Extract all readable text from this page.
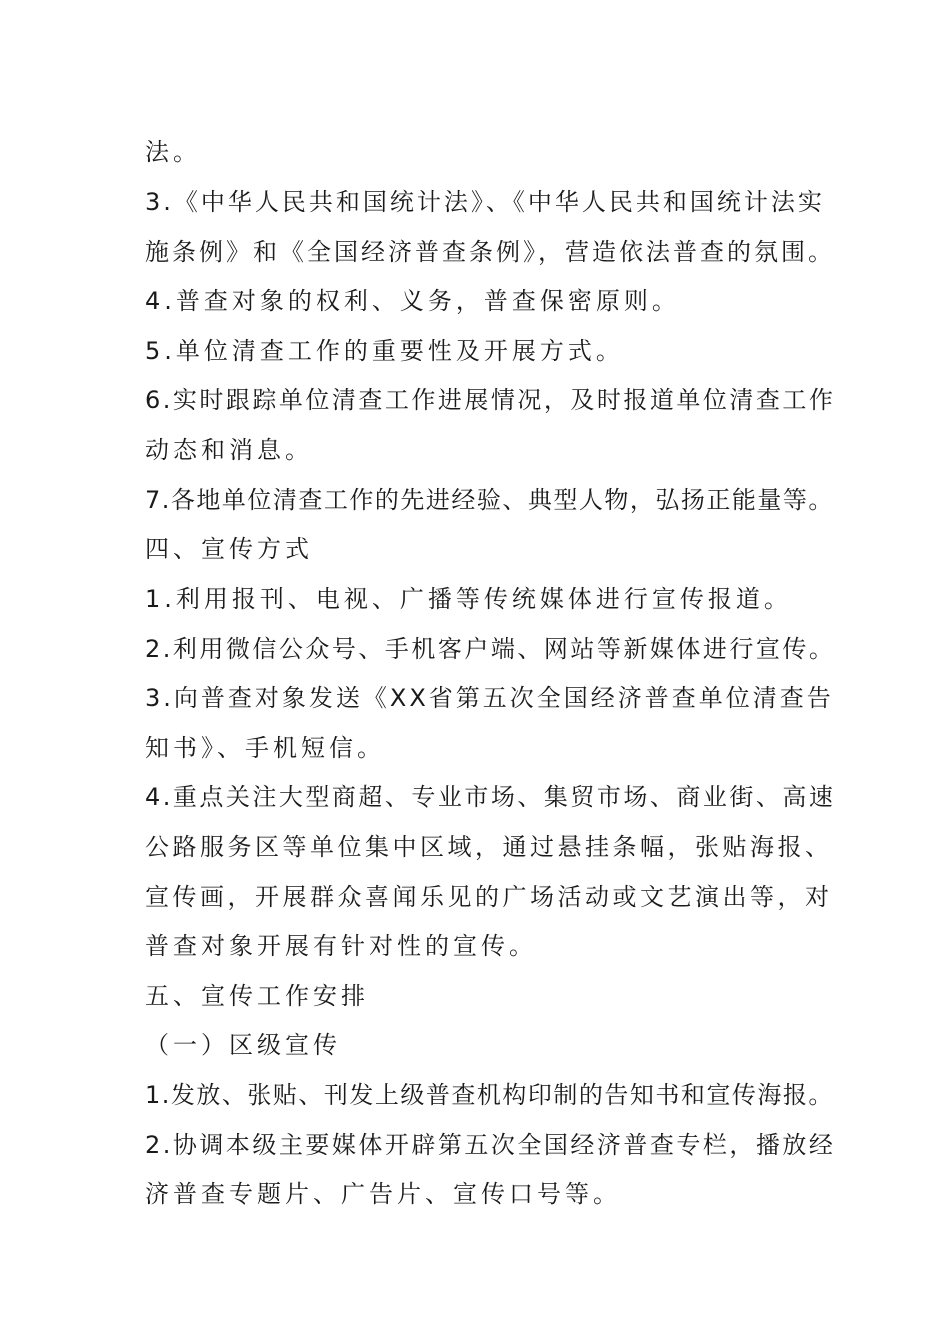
法。
3.《中华人民共和国统计法》、《中华人民共和国统计法实
施条例》和《全国经济普查条例》，营造依法普查的氛围。
4.普查对象的权利、义务，普查保密原则。
5.单位清查工作的重要性及开展方式。
6.实时跟踪单位清查工作进展情况，及时报道单位清查工作
动态和消息。
7.各地单位清查工作的先进经验、典型人物，弘扬正能量等。
四、宣传方式
1.利用报刊、电视、广播等传统媒体进行宣传报道。
2.利用微信公众号、手机客户端、网站等新媒体进行宣传。
3.向普查对象发送《XX省第五次全国经济普查单位清查告
知书》、手机短信。
4.重点关注大型商超、专业市场、集贸市场、商业街、高速
公路服务区等单位集中区域，通过悬挂条幅，张贴海报、
宣传画，开展群众喜闻乐见的广场活动或文艺演出等，对
普查对象开展有针对性的宣传。
五、宣传工作安排
（一）区级宣传
1.发放、张贴、刊发上级普查机构印制的告知书和宣传海报。
2.协调本级主要媒体开辟第五次全国经济普查专栏，播放经
济普查专题片、广告片、宣传口号等。
